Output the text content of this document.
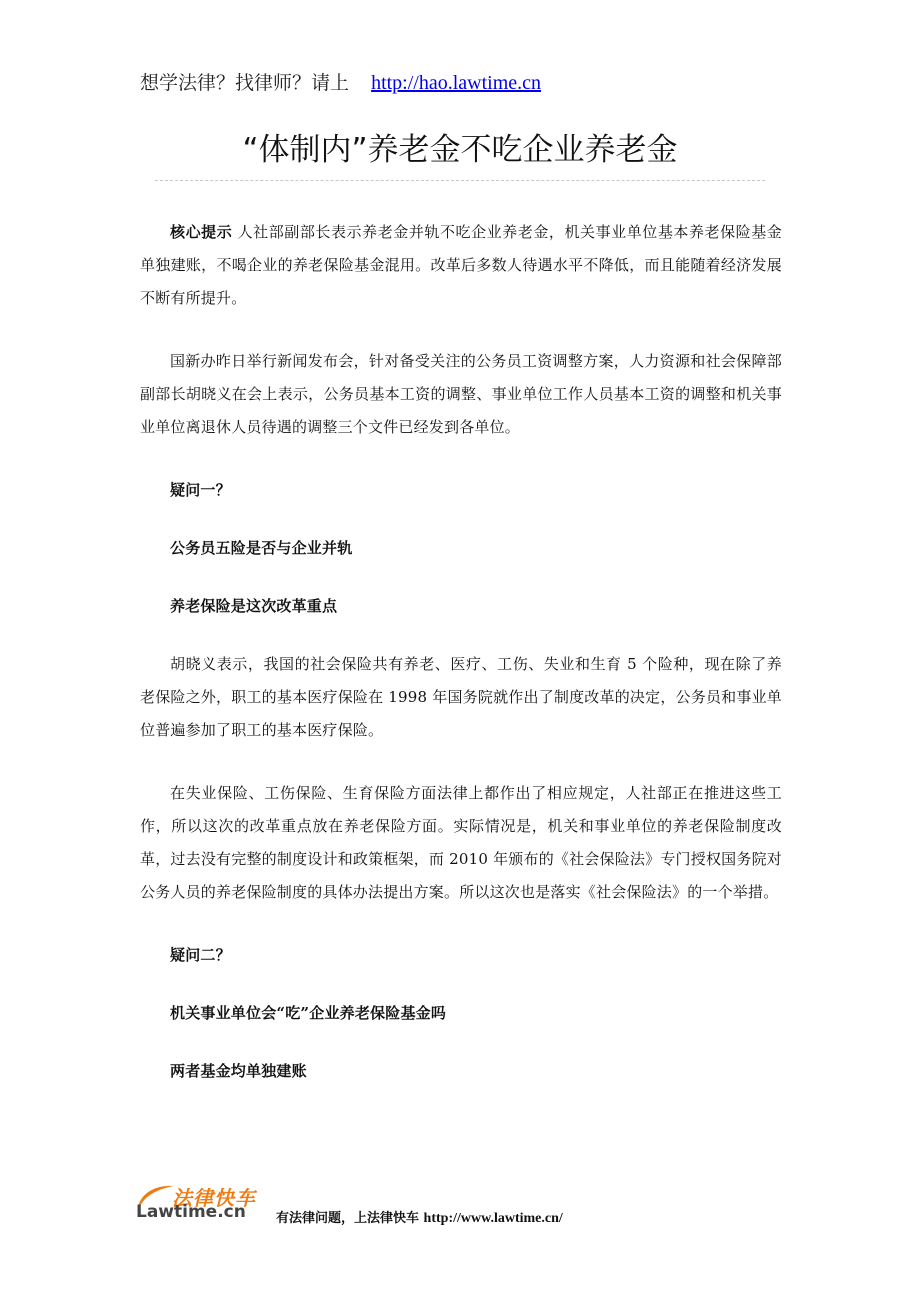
想学法律？找律师？请上 http://hao.lawtime.cn
“体制内”养老金不吃企业养老金

核心提示 人社部副部长表示养老金并轨不吃企业养老金，机关事业单位基本养老保险基金单独建账，不喝企业的养老保险基金混用。改革后多数人待遇水平不降低，而且能随着经济发展不断有所提升。

国新办昨日举行新闻发布会，针对备受关注的公务员工资调整方案，人力资源和社会保障部副部长胡晓义在会上表示，公务员基本工资的调整、事业单位工作人员基本工资的调整和机关事业单位离退休人员待遇的调整三个文件已经发到各单位。

疑问一？

公务员五险是否与企业并轨

养老保险是这次改革重点

胡晓义表示，我国的社会保险共有养老、医疗、工伤、失业和生育 5 个险种，现在除了养老保险之外，职工的基本医疗保险在 1998 年国务院就作出了制度改革的决定，公务员和事业单位普遍参加了职工的基本医疗保险。

在失业保险、工伤保险、生育保险方面法律上都作出了相应规定，人社部正在推进这些工作，所以这次的改革重点放在养老保险方面。实际情况是，机关和事业单位的养老保险制度改革，过去没有完整的制度设计和政策框架，而 2010 年颁布的《社会保险法》专门授权国务院对公务人员的养老保险制度的具体办法提出方案。所以这次也是落实《社会保险法》的一个举措。

疑问二？

机关事业单位会“吃”企业养老保险基金吗

两者基金均单独建账

法律快车
Lawtime.cn 有法律问题，上法律快车 http://www.lawtime.cn/
